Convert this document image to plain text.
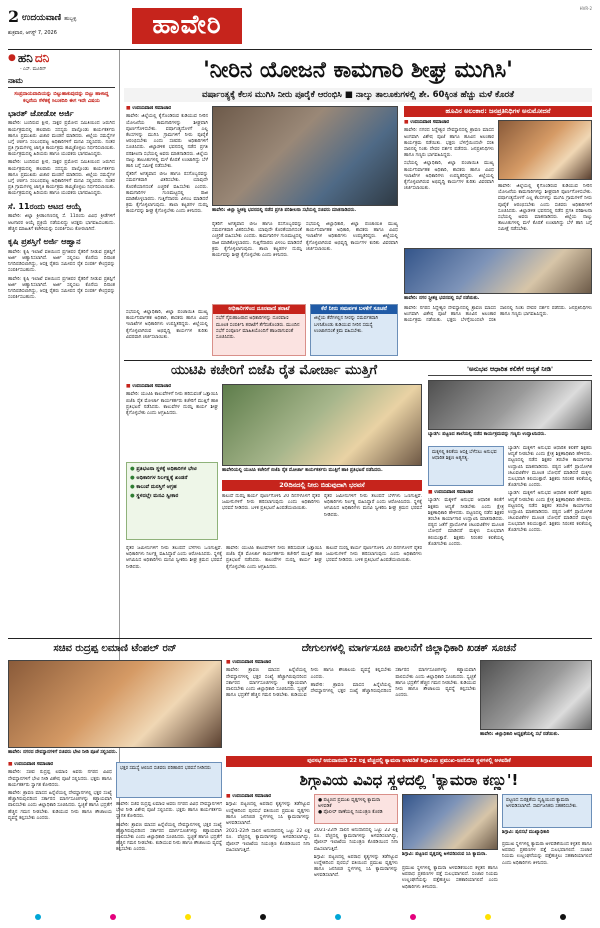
2 ಉದಯವಾಣಿ ಹುಬ್ಬಳ್ಳಿ
ಶುಕ್ರವಾರ, ಆಗಸ್ಟ್ 7, 2026	ಹಾವೇರಿ
HVR-2
● ಹನಿ ದನಿ
- ಎಸ್. ಮೂರಿನ್
ನಾಮ
ಸಂಪ್ರದಾಯವಾದಿಯನ್ನು ಬಿಟ್ಟುಹಾಕುವುದನ್ನು ಬಿಟ್ಟು ಹಾಳಾದ್ದ ಕಲ್ಪನೆಯ ಸೆಳೆತಕ್ಕೆ ಸಿಲುಕದಿರಿ ಈಗ ಇದೇ ವಿಷಯ
ಭಾರತ್ ಜೋಡೋ ಅರ್ಜಿ

ಹಾವೇರಿ: ಬಂದಿರುವ ಕ್ಷೀರ, ಸಾಕ್ಷರ ಪ್ರಮೋದ ಸಮಿತಿಯಿಂದ ಜರುಗಿದ ಕಾರ್ಯಕ್ರಮದಲ್ಲಿ ಹಲವಾರು ಸದಸ್ಯರು ಪಾಲ್ಗೊಂಡು ಕಾರ್ಯಕರ್ತರು ಹಾಗೂ ಪ್ರಮುಖರು ವಿಚಾರ ಮಂಡನೆ ಮಾಡಿದರು. ಜಿಲ್ಲೆಯ ಸಮಸ್ಯೆಗಳ ಬಗ್ಗೆ ಚರ್ಚಿಸಿ ಸಂಬಂಧಪಟ್ಟ ಅಧಿಕಾರಿಗಳಿಗೆ ಮನವಿ ಸಲ್ಲಿಸಿದರು. ನಂತರ ಪ್ರತಿ ಗ್ರಾಮಗಳಲ್ಲಿ ಜಾಗೃತಿ ಕಾರ್ಯಕ್ರಮ ಹಮ್ಮಿಕೊಳ್ಳಲು ನಿರ್ಧರಿಸಲಾಯಿತು. ಕಾರ್ಯಕ್ರಮದಲ್ಲಿ ಹಿರಿಯರು ಹಾಗೂ ಯುವಕರು ಭಾಗವಹಿಸಿದ್ದರು.

ಹಾವೇರಿ: ಬಂದಿರುವ ಕ್ಷೀರ, ಸಾಕ್ಷರ ಪ್ರಮೋದ ಸಮಿತಿಯಿಂದ ಜರುಗಿದ ಕಾರ್ಯಕ್ರಮದಲ್ಲಿ ಹಲವಾರು ಸದಸ್ಯರು ಪಾಲ್ಗೊಂಡು ಕಾರ್ಯಕರ್ತರು ಹಾಗೂ ಪ್ರಮುಖರು ವಿಚಾರ ಮಂಡನೆ ಮಾಡಿದರು. ಜಿಲ್ಲೆಯ ಸಮಸ್ಯೆಗಳ ಬಗ್ಗೆ ಚರ್ಚಿಸಿ ಸಂಬಂಧಪಟ್ಟ ಅಧಿಕಾರಿಗಳಿಗೆ ಮನವಿ ಸಲ್ಲಿಸಿದರು. ನಂತರ ಪ್ರತಿ ಗ್ರಾಮಗಳಲ್ಲಿ ಜಾಗೃತಿ ಕಾರ್ಯಕ್ರಮ ಹಮ್ಮಿಕೊಳ್ಳಲು ನಿರ್ಧರಿಸಲಾಯಿತು. ಕಾರ್ಯಕ್ರಮದಲ್ಲಿ ಹಿರಿಯರು ಹಾಗೂ ಯುವಕರು ಭಾಗವಹಿಸಿದ್ದರು.

ಸೆ. 11ರಂದು ಆಟದ ಆಯ್ಕೆ

ಹಾವೇರಿ: ಜಿಲ್ಲಾ ಕ್ರೀಡಾಂಗಣದಲ್ಲಿ ಸೆ. 11ರಂದು ವಿವಿಧ ಕ್ರೀಡೆಗಳಿಗೆ ಆಟಗಾರರ ಆಯ್ಕೆ ಪ್ರಕ್ರಿಯೆ ನಡೆಯಲಿದ್ದು ಆಸಕ್ತರು ಭಾಗವಹಿಸಬಹುದು. ಹೆಚ್ಚಿನ ಮಾಹಿತಿಗೆ ಕಚೇರಿಯನ್ನು ಸಂಪರ್ಕಿಸಲು ಕೋರಲಾಗಿದೆ.

ಕೃಷಿ ಪ್ರಶಸ್ತಿಗೆ ಅರ್ಜಿ ಆಹ್ವಾನ

ಹಾವೇರಿ: ಕೃಷಿ ಇಲಾಖೆ ವತಿಯಿಂದ ಪ್ರಗತಿಪರ ರೈತರಿಗೆ ನೀಡುವ ಪ್ರಶಸ್ತಿಗೆ ಅರ್ಜಿ ಆಹ್ವಾನಿಸಲಾಗಿದೆ. ಅರ್ಜಿ ಸಲ್ಲಿಸಲು ಕೊನೆಯ ದಿನಾಂಕ ನಿಗದಿಪಡಿಸಲಾಗಿದ್ದು, ಆಸಕ್ತ ರೈತರು ಸಮೀಪದ ರೈತ ಸಂಪರ್ಕ ಕೇಂದ್ರವನ್ನು ಸಂಪರ್ಕಿಸಬಹುದು.

ಹಾವೇರಿ: ಕೃಷಿ ಇಲಾಖೆ ವತಿಯಿಂದ ಪ್ರಗತಿಪರ ರೈತರಿಗೆ ನೀಡುವ ಪ್ರಶಸ್ತಿಗೆ ಅರ್ಜಿ ಆಹ್ವಾನಿಸಲಾಗಿದೆ. ಅರ್ಜಿ ಸಲ್ಲಿಸಲು ಕೊನೆಯ ದಿನಾಂಕ ನಿಗದಿಪಡಿಸಲಾಗಿದ್ದು, ಆಸಕ್ತ ರೈತರು ಸಮೀಪದ ರೈತ ಸಂಪರ್ಕ ಕೇಂದ್ರವನ್ನು ಸಂಪರ್ಕಿಸಬಹುದು.

'ನೀರಿನ ಯೋಜನೆ ಕಾಮಗಾರಿ ಶೀಘ್ರ ಮುಗಿಸಿ'
ವರ್ಷಾಂತ್ಯಕ್ಕೆ ಕೆಲಸ ಮುಗಿಸಿ ನೀರು ಪೂರೈಕೆ ಆರಂಭಿಸಿ ■ ನಾಲ್ಕು ತಾಲೂಕುಗಳಲ್ಲಿ ಶೇ. 60ಕ್ಕಿಂತ ಹೆಚ್ಚು ಮಳೆ ಕೊರತೆ
■ ಉದಯವಾಣಿ ಸಮಾಚಾರ

ಹಾವೇರಿ: ಜಿಲ್ಲೆಯಲ್ಲಿ ಕೈಗೊಂಡಿರುವ ಕುಡಿಯುವ ನೀರಿನ ಯೋಜನೆಯ ಕಾಮಗಾರಿಗಳನ್ನು ಶೀಘ್ರವಾಗಿ ಪೂರ್ಣಗೊಳಿಸಬೇಕು. ವರ್ಷಾಂತ್ಯದೊಳಗೆ ಎಲ್ಲ ಕೆಲಸಗಳನ್ನು ಮುಗಿಸಿ ಗ್ರಾಮಗಳಿಗೆ ನೀರು ಪೂರೈಕೆ ಆರಂಭಿಸಬೇಕು ಎಂದು ಸಚಿವರು ಅಧಿಕಾರಿಗಳಿಗೆ ಸೂಚಿಸಿದರು. ಜಿಲ್ಲಾಡಳಿತ ಭವನದಲ್ಲಿ ನಡೆದ ಪ್ರಗತಿ ಪರಿಶೀಲನಾ ಸಭೆಯಲ್ಲಿ ಅವರು ಮಾತನಾಡಿದರು. ಜಿಲ್ಲೆಯ ನಾಲ್ಕು ತಾಲೂಕುಗಳಲ್ಲಿ ಮಳೆ ಕೊರತೆ ಉಂಟಾಗಿದ್ದು ಬೆಳೆ ಹಾನಿ ಬಗ್ಗೆ ಸಮೀಕ್ಷೆ ನಡೆಸಬೇಕು.

ರೈತರಿಗೆ ಅಗತ್ಯವಾದ ಬೀಜ ಹಾಗೂ ರಸಗೊಬ್ಬರವನ್ನು ಸಮರ್ಪಕವಾಗಿ ವಿತರಿಸಬೇಕು. ಯಾವುದೇ ಕೊರತೆಯಾಗದಂತೆ ಎಚ್ಚರಿಕೆ ವಹಿಸಬೇಕು ಎಂದರು. ಕಾಮಗಾರಿಗಳ ಗುಣಮಟ್ಟದಲ್ಲಿ ರಾಜಿ ಮಾಡಿಕೊಳ್ಳಬಾರದು. ಗುತ್ತಿಗೆದಾರರು ವಿಳಂಬ ಮಾಡಿದರೆ ಕ್ರಮ ಕೈಗೊಳ್ಳಲಾಗುವುದು. ಶಾಲಾ ಕಟ್ಟಡಗಳ ದುರಸ್ತಿ ಕಾರ್ಯವನ್ನು ಶೀಘ್ರ ಕೈಗೊಳ್ಳಬೇಕು ಎಂದು ತಿಳಿಸಿದರು.	ಹಾವೇರಿ: ಜಿಲ್ಲಾ ಸ್ತ್ರೀಶಕ್ತಿ ಭವನದಲ್ಲಿ ನಡೆದ ಪ್ರಗತಿ ಪರಿಶೀಲನಾ ಸಭೆಯಲ್ಲಿ ಸಚಿವರು ಮಾತನಾಡಿದರು.

ರೈತರಿಗೆ ಅಗತ್ಯವಾದ ಬೀಜ ಹಾಗೂ ರಸಗೊಬ್ಬರವನ್ನು ಸಮರ್ಪಕವಾಗಿ ವಿತರಿಸಬೇಕು. ಯಾವುದೇ ಕೊರತೆಯಾಗದಂತೆ ಎಚ್ಚರಿಕೆ ವಹಿಸಬೇಕು ಎಂದರು. ಕಾಮಗಾರಿಗಳ ಗುಣಮಟ್ಟದಲ್ಲಿ ರಾಜಿ ಮಾಡಿಕೊಳ್ಳಬಾರದು. ಗುತ್ತಿಗೆದಾರರು ವಿಳಂಬ ಮಾಡಿದರೆ ಕ್ರಮ ಕೈಗೊಳ್ಳಲಾಗುವುದು. ಶಾಲಾ ಕಟ್ಟಡಗಳ ದುರಸ್ತಿ ಕಾರ್ಯವನ್ನು ಶೀಘ್ರ ಕೈಗೊಳ್ಳಬೇಕು ಎಂದು ತಿಳಿಸಿದರು.

ಸಭೆಯಲ್ಲಿ ಜಿಲ್ಲಾಧಿಕಾರಿ, ಜಿಲ್ಲಾ ಪಂಚಾಯಿತಿ ಮುಖ್ಯ ಕಾರ್ಯನಿರ್ವಾಹಕ ಅಧಿಕಾರಿ, ಶಾಸಕರು ಹಾಗೂ ವಿವಿಧ ಇಲಾಖೆಗಳ ಅಧಿಕಾರಿಗಳು ಉಪಸ್ಥಿತರಿದ್ದರು. ಜಿಲ್ಲೆಯಲ್ಲಿ ಕೈಗೊಳ್ಳಲಾಗಿರುವ ಅಭಿವೃದ್ಧಿ ಕಾರ್ಯಗಳ ಕುರಿತು ವಿವರವಾಗಿ ಚರ್ಚಿಸಲಾಯಿತು.

ಹೂವಿನ ಅಲಂಕಾರ: ಜನಪ್ರತಿನಿಧಿಗಳ ಅನುಮೋದನೆ
■ ಉದಯವಾಣಿ ಸಮಾಚಾರ

ಹಾವೇರಿ: ನಗರದ ಸಿದ್ದೇಶ್ವರ ದೇವಸ್ಥಾನದಲ್ಲಿ ಶ್ರಾವಣ ಮಾಸದ ಅಂಗವಾಗಿ ವಿಶೇಷ ಪೂಜೆ ಹಾಗೂ ಹೂವಿನ ಅಲಂಕಾರ ಕಾರ್ಯಕ್ರಮ ನಡೆಯಿತು. ಭಕ್ತರು ಬೆಳಗ್ಗೆಯಿಂದಲೇ ಸರತಿ ಸಾಲಿನಲ್ಲಿ ನಿಂತು ದೇವರ ದರ್ಶನ ಪಡೆದರು. ಜನಪ್ರತಿನಿಧಿಗಳು ಹಾಗೂ ಗಣ್ಯರು ಭಾಗವಹಿಸಿದ್ದರು.

ಸಭೆಯಲ್ಲಿ ಜಿಲ್ಲಾಧಿಕಾರಿ, ಜಿಲ್ಲಾ ಪಂಚಾಯಿತಿ ಮುಖ್ಯ ಕಾರ್ಯನಿರ್ವಾಹಕ ಅಧಿಕಾರಿ, ಶಾಸಕರು ಹಾಗೂ ವಿವಿಧ ಇಲಾಖೆಗಳ ಅಧಿಕಾರಿಗಳು ಉಪಸ್ಥಿತರಿದ್ದರು. ಜಿಲ್ಲೆಯಲ್ಲಿ ಕೈಗೊಳ್ಳಲಾಗಿರುವ ಅಭಿವೃದ್ಧಿ ಕಾರ್ಯಗಳ ಕುರಿತು ವಿವರವಾಗಿ ಚರ್ಚಿಸಲಾಯಿತು.	ಹಾವೇರಿ: ಜಿಲ್ಲೆಯಲ್ಲಿ ಕೈಗೊಂಡಿರುವ ಕುಡಿಯುವ ನೀರಿನ ಯೋಜನೆಯ ಕಾಮಗಾರಿಗಳನ್ನು ಶೀಘ್ರವಾಗಿ ಪೂರ್ಣಗೊಳಿಸಬೇಕು. ವರ್ಷಾಂತ್ಯದೊಳಗೆ ಎಲ್ಲ ಕೆಲಸಗಳನ್ನು ಮುಗಿಸಿ ಗ್ರಾಮಗಳಿಗೆ ನೀರು ಪೂರೈಕೆ ಆರಂಭಿಸಬೇಕು ಎಂದು ಸಚಿವರು ಅಧಿಕಾರಿಗಳಿಗೆ ಸೂಚಿಸಿದರು. ಜಿಲ್ಲಾಡಳಿತ ಭವನದಲ್ಲಿ ನಡೆದ ಪ್ರಗತಿ ಪರಿಶೀಲನಾ ಸಭೆಯಲ್ಲಿ ಅವರು ಮಾತನಾಡಿದರು. ಜಿಲ್ಲೆಯ ನಾಲ್ಕು ತಾಲೂಕುಗಳಲ್ಲಿ ಮಳೆ ಕೊರತೆ ಉಂಟಾಗಿದ್ದು ಬೆಳೆ ಹಾನಿ ಬಗ್ಗೆ ಸಮೀಕ್ಷೆ ನಡೆಸಬೇಕು.

ಹಾವೇರಿ: ನಗರ ಸ್ತ್ರೀಶಕ್ತಿ ಭವನದಲ್ಲಿ ಸಭೆ ನಡೆಯಿತು.
ಅಧಿಕಾರಿಗಳಿಂದ ದೂರವಾಣಿ ತರಾಟೆ
ಸಭೆಗೆ ಗೈರುಹಾಜರಾದ ಅಧಿಕಾರಿಗಳನ್ನು ದೂರವಾಣಿ ಮೂಲಕ ಸಂಪರ್ಕಿಸಿ ತರಾಟೆಗೆ ತೆಗೆದುಕೊಂಡರು. ಮುಂದಿನ ಸಭೆಗೆ ಸಂಪೂರ್ಣ ಮಾಹಿತಿಯೊಂದಿಗೆ ಹಾಜರಾಗುವಂತೆ ಸೂಚಿಸಿದರು.
ಕೆರೆ ನೀರು ಸಮರ್ಪಕ ಬಳಕೆಗೆ ಸೂಚನೆ
ಜಿಲ್ಲೆಯ ಕೆರೆಗಳಲ್ಲಿನ ನೀರನ್ನು ಸಮರ್ಪಕವಾಗಿ ಬಳಸಿಕೊಂಡು ಕುಡಿಯುವ ನೀರಿನ ಸಮಸ್ಯೆ ಉಂಟಾಗದಂತೆ ಕ್ರಮ ವಹಿಸಬೇಕು.

ಸಭೆಯಲ್ಲಿ ಜಿಲ್ಲಾಧಿಕಾರಿ, ಜಿಲ್ಲಾ ಪಂಚಾಯಿತಿ ಮುಖ್ಯ ಕಾರ್ಯನಿರ್ವಾಹಕ ಅಧಿಕಾರಿ, ಶಾಸಕರು ಹಾಗೂ ವಿವಿಧ ಇಲಾಖೆಗಳ ಅಧಿಕಾರಿಗಳು ಉಪಸ್ಥಿತರಿದ್ದರು. ಜಿಲ್ಲೆಯಲ್ಲಿ ಕೈಗೊಳ್ಳಲಾಗಿರುವ ಅಭಿವೃದ್ಧಿ ಕಾರ್ಯಗಳ ಕುರಿತು ವಿವರವಾಗಿ ಚರ್ಚಿಸಲಾಯಿತು.

ಹಾವೇರಿ: ನಗರದ ಸಿದ್ದೇಶ್ವರ ದೇವಸ್ಥಾನದಲ್ಲಿ ಶ್ರಾವಣ ಮಾಸದ ಅಂಗವಾಗಿ ವಿಶೇಷ ಪೂಜೆ ಹಾಗೂ ಹೂವಿನ ಅಲಂಕಾರ ಕಾರ್ಯಕ್ರಮ ನಡೆಯಿತು. ಭಕ್ತರು ಬೆಳಗ್ಗೆಯಿಂದಲೇ ಸರತಿ ಸಾಲಿನಲ್ಲಿ ನಿಂತು ದೇವರ ದರ್ಶನ ಪಡೆದರು. ಜನಪ್ರತಿನಿಧಿಗಳು ಹಾಗೂ ಗಣ್ಯರು ಭಾಗವಹಿಸಿದ್ದರು.

ಯುಟಿಪಿ ಕಚೇರಿಗೆ ಬಿಜೆಪಿ ರೈತ ಮೋರ್ಚಾ ಮುತ್ತಿಗೆ
■ ಉದಯವಾಣಿ ಸಮಾಚಾರ

ಹಾವೇರಿ: ಯುಟಿಪಿ ಕಾಲುವೆಗಳಿಗೆ ನೀರು ಹರಿಸುವಂತೆ ಒತ್ತಾಯಿಸಿ ಬಿಜೆಪಿ ರೈತ ಮೋರ್ಚಾ ಕಾರ್ಯಕರ್ತರು ಕಚೇರಿಗೆ ಮುತ್ತಿಗೆ ಹಾಕಿ ಪ್ರತಿಭಟನೆ ನಡೆಸಿದರು. ಕಾಲುವೆಗಳ ದುರಸ್ತಿ ಕಾರ್ಯ ಶೀಘ್ರ ಕೈಗೊಳ್ಳಬೇಕು ಎಂದು ಆಗ್ರಹಿಸಿದರು.

ಹಾವೇರಿಯಲ್ಲಿ ಯುಟಿಪಿ ಕಚೇರಿಗೆ ಬಿಜೆಪಿ ರೈತ ಮೋರ್ಚಾ ಕಾರ್ಯಕರ್ತರು ಮುತ್ತಿಗೆ ಹಾಕಿ ಪ್ರತಿಭಟನೆ ನಡೆಸಿದರು.
● ಪ್ರತಿಭಟನಾ ಸ್ಥಳಕ್ಕೆ ಅಧಿಕಾರಿಗಳ ಭೇಟಿ
● ಅಧಿಕಾರಿಗಳ ನಿರ್ಲಕ್ಷ್ಯಕ್ಕೆ ಖಂಡನೆ
● ಕಾಲುವೆ ದುರಸ್ತಿಗೆ ಆಗ್ರಹ
● ಸ್ಥಳದಲ್ಲೇ ಮನವಿ ಸ್ವೀಕಾರ
20ದಿನದಲ್ಲಿ ನೀರು ಬಿಡುವುದಾಗಿ ಭರವಸೆ

ಕಾಲುವೆ ದುರಸ್ತಿ ಕಾರ್ಯ ಪೂರ್ಣಗೊಳಿಸಿ 20 ದಿನಗಳೊಳಗೆ ರೈತರ ಜಮೀನುಗಳಿಗೆ ನೀರು ಹರಿಸಲಾಗುವುದು ಎಂದು ಅಧಿಕಾರಿಗಳು ಭರವಸೆ ನೀಡಿದರು. ಬಳಿಕ ಪ್ರತಿಭಟನೆ ಹಿಂಪಡೆಯಲಾಯಿತು.

ರೈತರ ಜಮೀನುಗಳಿಗೆ ನೀರು ತಲುಪದೆ ಬೆಳೆಗಳು ಒಣಗುತ್ತಿವೆ. ಅಧಿಕಾರಿಗಳು ನಿರ್ಲಕ್ಷ್ಯ ವಹಿಸಿದ್ದಾರೆ ಎಂದು ಆರೋಪಿಸಿದರು. ಸ್ಥಳಕ್ಕೆ ಆಗಮಿಸಿದ ಅಧಿಕಾರಿಗಳು ಮನವಿ ಸ್ವೀಕರಿಸಿ ಶೀಘ್ರ ಕ್ರಮದ ಭರವಸೆ ನೀಡಿದರು.

ರೈತರ ಜಮೀನುಗಳಿಗೆ ನೀರು ತಲುಪದೆ ಬೆಳೆಗಳು ಒಣಗುತ್ತಿವೆ. ಅಧಿಕಾರಿಗಳು ನಿರ್ಲಕ್ಷ್ಯ ವಹಿಸಿದ್ದಾರೆ ಎಂದು ಆರೋಪಿಸಿದರು. ಸ್ಥಳಕ್ಕೆ ಆಗಮಿಸಿದ ಅಧಿಕಾರಿಗಳು ಮನವಿ ಸ್ವೀಕರಿಸಿ ಶೀಘ್ರ ಕ್ರಮದ ಭರವಸೆ ನೀಡಿದರು.

ಹಾವೇರಿ: ಯುಟಿಪಿ ಕಾಲುವೆಗಳಿಗೆ ನೀರು ಹರಿಸುವಂತೆ ಒತ್ತಾಯಿಸಿ ಬಿಜೆಪಿ ರೈತ ಮೋರ್ಚಾ ಕಾರ್ಯಕರ್ತರು ಕಚೇರಿಗೆ ಮುತ್ತಿಗೆ ಹಾಕಿ ಪ್ರತಿಭಟನೆ ನಡೆಸಿದರು. ಕಾಲುವೆಗಳ ದುರಸ್ತಿ ಕಾರ್ಯ ಶೀಘ್ರ ಕೈಗೊಳ್ಳಬೇಕು ಎಂದು ಆಗ್ರಹಿಸಿದರು.

ಕಾಲುವೆ ದುರಸ್ತಿ ಕಾರ್ಯ ಪೂರ್ಣಗೊಳಿಸಿ 20 ದಿನಗಳೊಳಗೆ ರೈತರ ಜಮೀನುಗಳಿಗೆ ನೀರು ಹರಿಸಲಾಗುವುದು ಎಂದು ಅಧಿಕಾರಿಗಳು ಭರವಸೆ ನೀಡಿದರು. ಬಳಿಕ ಪ್ರತಿಭಟನೆ ಹಿಂಪಡೆಯಲಾಯಿತು.

'ಅನುಭವ ಆಧಾರಿತ ಕಲಿಕೆಗೆ ಆದ್ಯತೆ ನೀಡಿ'
ಬ್ಯಾಡಗಿ: ಪಟ್ಟಣದ ಶಾಲೆಯಲ್ಲಿ ನಡೆದ ಕಾರ್ಯಕ್ರಮವನ್ನು ಗಣ್ಯರು ಉದ್ಘಾಟಿಸಿದರು.
ಮಕ್ಕಳಲ್ಲಿ ಕಲಿಕೆಯ ಆಸಕ್ತಿ ಬೆಳೆಸಲು ಅನುಭವ ಆಧಾರಿತ ಶಿಕ್ಷಣ ಅತ್ಯಗತ್ಯ.

ಬ್ಯಾಡಗಿ: ಮಕ್ಕಳಿಗೆ ಅನುಭವ ಆಧಾರಿತ ಕಲಿಕೆಗೆ ಶಿಕ್ಷಕರು ಆದ್ಯತೆ ನೀಡಬೇಕು ಎಂದು ಕ್ಷೇತ್ರ ಶಿಕ್ಷಣಾಧಿಕಾರಿ ಹೇಳಿದರು. ಪಟ್ಟಣದಲ್ಲಿ ನಡೆದ ಶಿಕ್ಷಕರ ತರಬೇತಿ ಕಾರ್ಯಾಗಾರ ಉದ್ಘಾಟಿಸಿ ಮಾತನಾಡಿದರು. ಪಠ್ಯದ ಜತೆಗೆ ಪ್ರಾಯೋಗಿಕ ಚಟುವಟಿಕೆಗಳ ಮೂಲಕ ಬೋಧನೆ ಮಾಡಿದರೆ ಮಕ್ಕಳು ಸುಲಭವಾಗಿ ಕಲಿಯುತ್ತಾರೆ. ಶಿಕ್ಷಕರು ನಿರಂತರ ಕಲಿಕೆಯಲ್ಲಿ ತೊಡಗಬೇಕು ಎಂದರು.

ಬ್ಯಾಡಗಿ: ಮಕ್ಕಳಿಗೆ ಅನುಭವ ಆಧಾರಿತ ಕಲಿಕೆಗೆ ಶಿಕ್ಷಕರು ಆದ್ಯತೆ ನೀಡಬೇಕು ಎಂದು ಕ್ಷೇತ್ರ ಶಿಕ್ಷಣಾಧಿಕಾರಿ ಹೇಳಿದರು. ಪಟ್ಟಣದಲ್ಲಿ ನಡೆದ ಶಿಕ್ಷಕರ ತರಬೇತಿ ಕಾರ್ಯಾಗಾರ ಉದ್ಘಾಟಿಸಿ ಮಾತನಾಡಿದರು. ಪಠ್ಯದ ಜತೆಗೆ ಪ್ರಾಯೋಗಿಕ ಚಟುವಟಿಕೆಗಳ ಮೂಲಕ ಬೋಧನೆ ಮಾಡಿದರೆ ಮಕ್ಕಳು ಸುಲಭವಾಗಿ ಕಲಿಯುತ್ತಾರೆ. ಶಿಕ್ಷಕರು ನಿರಂತರ ಕಲಿಕೆಯಲ್ಲಿ ತೊಡಗಬೇಕು ಎಂದರು.

■ ಉದಯವಾಣಿ ಸಮಾಚಾರ

ಬ್ಯಾಡಗಿ: ಮಕ್ಕಳಿಗೆ ಅನುಭವ ಆಧಾರಿತ ಕಲಿಕೆಗೆ ಶಿಕ್ಷಕರು ಆದ್ಯತೆ ನೀಡಬೇಕು ಎಂದು ಕ್ಷೇತ್ರ ಶಿಕ್ಷಣಾಧಿಕಾರಿ ಹೇಳಿದರು. ಪಟ್ಟಣದಲ್ಲಿ ನಡೆದ ಶಿಕ್ಷಕರ ತರಬೇತಿ ಕಾರ್ಯಾಗಾರ ಉದ್ಘಾಟಿಸಿ ಮಾತನಾಡಿದರು. ಪಠ್ಯದ ಜತೆಗೆ ಪ್ರಾಯೋಗಿಕ ಚಟುವಟಿಕೆಗಳ ಮೂಲಕ ಬೋಧನೆ ಮಾಡಿದರೆ ಮಕ್ಕಳು ಸುಲಭವಾಗಿ ಕಲಿಯುತ್ತಾರೆ. ಶಿಕ್ಷಕರು ನಿರಂತರ ಕಲಿಕೆಯಲ್ಲಿ ತೊಡಗಬೇಕು ಎಂದರು.

ಸಚಿವ ರುದ್ರಪ್ಪ ಲಮಾಣಿ ಟೆಂಪಲ್ ರನ್
ಹಾವೇರಿ: ನಗರದ ದೇವಸ್ಥಾನಗಳಿಗೆ ಸಚಿವರು ಭೇಟಿ ನೀಡಿ ಪೂಜೆ ಸಲ್ಲಿಸಿದರು.
■ ಉದಯವಾಣಿ ಸಮಾಚಾರ

ಹಾವೇರಿ: ಸಚಿವ ರುದ್ರಪ್ಪ ಲಮಾಣಿ ಅವರು ನಗರದ ವಿವಿಧ ದೇವಸ್ಥಾನಗಳಿಗೆ ಭೇಟಿ ನೀಡಿ ವಿಶೇಷ ಪೂಜೆ ಸಲ್ಲಿಸಿದರು. ಭಕ್ತರು ಹಾಗೂ ಕಾರ್ಯಕರ್ತರು ಸ್ವಾಗತ ಕೋರಿದರು.

ಹಾವೇರಿ: ಶ್ರಾವಣ ಮಾಸದ ಹಿನ್ನೆಲೆಯಲ್ಲಿ ದೇವಸ್ಥಾನಗಳಲ್ಲಿ ಭಕ್ತರ ಸಂಖ್ಯೆ ಹೆಚ್ಚಾಗಿರುವುದರಿಂದ ಸರ್ಕಾರದ ಮಾರ್ಗಸೂಚಿಗಳನ್ನು ಕಡ್ಡಾಯವಾಗಿ ಪಾಲಿಸಬೇಕು ಎಂದು ಜಿಲ್ಲಾಧಿಕಾರಿ ಸೂಚಿಸಿದರು. ಸ್ವಚ್ಛತೆ ಹಾಗೂ ಭದ್ರತೆಗೆ ಹೆಚ್ಚಿನ ಗಮನ ನೀಡಬೇಕು. ಕುಡಿಯುವ ನೀರು ಹಾಗೂ ಶೌಚಾಲಯ ವ್ಯವಸ್ಥೆ ಕಲ್ಪಿಸಬೇಕು ಎಂದರು.

ಭಕ್ತರ ಸಮಸ್ಯೆ ಆಲಿಸಿದ ಸಚಿವರು ಪರಿಹಾರದ ಭರವಸೆ ನೀಡಿದರು

ಹಾವೇರಿ: ಸಚಿವ ರುದ್ರಪ್ಪ ಲಮಾಣಿ ಅವರು ನಗರದ ವಿವಿಧ ದೇವಸ್ಥಾನಗಳಿಗೆ ಭೇಟಿ ನೀಡಿ ವಿಶೇಷ ಪೂಜೆ ಸಲ್ಲಿಸಿದರು. ಭಕ್ತರು ಹಾಗೂ ಕಾರ್ಯಕರ್ತರು ಸ್ವಾಗತ ಕೋರಿದರು.

ಹಾವೇರಿ: ಶ್ರಾವಣ ಮಾಸದ ಹಿನ್ನೆಲೆಯಲ್ಲಿ ದೇವಸ್ಥಾನಗಳಲ್ಲಿ ಭಕ್ತರ ಸಂಖ್ಯೆ ಹೆಚ್ಚಾಗಿರುವುದರಿಂದ ಸರ್ಕಾರದ ಮಾರ್ಗಸೂಚಿಗಳನ್ನು ಕಡ್ಡಾಯವಾಗಿ ಪಾಲಿಸಬೇಕು ಎಂದು ಜಿಲ್ಲಾಧಿಕಾರಿ ಸೂಚಿಸಿದರು. ಸ್ವಚ್ಛತೆ ಹಾಗೂ ಭದ್ರತೆಗೆ ಹೆಚ್ಚಿನ ಗಮನ ನೀಡಬೇಕು. ಕುಡಿಯುವ ನೀರು ಹಾಗೂ ಶೌಚಾಲಯ ವ್ಯವಸ್ಥೆ ಕಲ್ಪಿಸಬೇಕು ಎಂದರು.

ದೇಗುಲಗಳಲ್ಲಿ ಮಾರ್ಗಸೂಚಿ ಪಾಲನೆಗೆ ಜಿಲ್ಲಾಧಿಕಾರಿ ಖಡಕ್ ಸೂಚನೆ
■ ಉದಯವಾಣಿ ಸಮಾಚಾರ

ಹಾವೇರಿ: ಶ್ರಾವಣ ಮಾಸದ ಹಿನ್ನೆಲೆಯಲ್ಲಿ ದೇವಸ್ಥಾನಗಳಲ್ಲಿ ಭಕ್ತರ ಸಂಖ್ಯೆ ಹೆಚ್ಚಾಗಿರುವುದರಿಂದ ಸರ್ಕಾರದ ಮಾರ್ಗಸೂಚಿಗಳನ್ನು ಕಡ್ಡಾಯವಾಗಿ ಪಾಲಿಸಬೇಕು ಎಂದು ಜಿಲ್ಲಾಧಿಕಾರಿ ಸೂಚಿಸಿದರು. ಸ್ವಚ್ಛತೆ ಹಾಗೂ ಭದ್ರತೆಗೆ ಹೆಚ್ಚಿನ ಗಮನ ನೀಡಬೇಕು. ಕುಡಿಯುವ ನೀರು ಹಾಗೂ ಶೌಚಾಲಯ ವ್ಯವಸ್ಥೆ ಕಲ್ಪಿಸಬೇಕು ಎಂದರು.

ಹಾವೇರಿ: ಶ್ರಾವಣ ಮಾಸದ ಹಿನ್ನೆಲೆಯಲ್ಲಿ ದೇವಸ್ಥಾನಗಳಲ್ಲಿ ಭಕ್ತರ ಸಂಖ್ಯೆ ಹೆಚ್ಚಾಗಿರುವುದರಿಂದ ಸರ್ಕಾರದ ಮಾರ್ಗಸೂಚಿಗಳನ್ನು ಕಡ್ಡಾಯವಾಗಿ ಪಾಲಿಸಬೇಕು ಎಂದು ಜಿಲ್ಲಾಧಿಕಾರಿ ಸೂಚಿಸಿದರು. ಸ್ವಚ್ಛತೆ ಹಾಗೂ ಭದ್ರತೆಗೆ ಹೆಚ್ಚಿನ ಗಮನ ನೀಡಬೇಕು. ಕುಡಿಯುವ ನೀರು ಹಾಗೂ ಶೌಚಾಲಯ ವ್ಯವಸ್ಥೆ ಕಲ್ಪಿಸಬೇಕು ಎಂದರು.

ಹಾವೇರಿ: ಜಿಲ್ಲಾಧಿಕಾರಿ ಅಧ್ಯಕ್ಷತೆಯಲ್ಲಿ ಸಭೆ ನಡೆಯಿತು.
ಪುರಸಭೆ ಅನುದಾನದಡಿ 22 ಲಕ್ಷ ವೆಚ್ಚದಲ್ಲಿ ಕ್ಯಾಮರಾ ಅಳವಡಿಕೆ ಶಿಗ್ಗಾವಿಯ ಪ್ರಮುಖ-ಜನನಿಬಿಡ ಸ್ಥಳಗಳಲ್ಲಿ ಅಳವಡಿಕೆ
ಶಿಗ್ಗಾವಿಯ ವಿವಿಧ ಸ್ಥಳದಲ್ಲಿ 'ಕ್ಯಾಮರಾ ಕಣ್ಣು'!
■ ಉದಯವಾಣಿ ಸಮಾಚಾರ

ಶಿಗ್ಗಾವಿ: ಪಟ್ಟಣದಲ್ಲಿ ಅಪರಾಧ ಕೃತ್ಯಗಳನ್ನು ತಡೆಗಟ್ಟುವ ಉದ್ದೇಶದಿಂದ ಪುರಸಭೆ ವತಿಯಿಂದ ಪ್ರಮುಖ ವೃತ್ತಗಳು ಹಾಗೂ ಜನನಿಬಿಡ ಸ್ಥಳಗಳಲ್ಲಿ ಸಿಸಿ ಕ್ಯಾಮರಾಗಳನ್ನು ಅಳವಡಿಸಲಾಗಿದೆ.

2021-22ನೇ ಸಾಲಿನ ಅನುದಾನದಲ್ಲಿ ಒಟ್ಟು 22 ಲಕ್ಷ ರೂ. ವೆಚ್ಚದಲ್ಲಿ ಕ್ಯಾಮರಾಗಳನ್ನು ಅಳವಡಿಸಲಾಗಿದ್ದು, ಪೊಲೀಸ್ ಇಲಾಖೆಯ ನಿಯಂತ್ರಣ ಕೊಠಡಿಯಿಂದ ನಿಗಾ ವಹಿಸಲಾಗುತ್ತಿದೆ.

● ಪಟ್ಟಣದ ಪ್ರಮುಖ ವೃತ್ತಗಳಲ್ಲಿ ಕ್ಯಾಮರಾ ಅಳವಡಿಕೆ
● ಪೊಲೀಸ್ ಠಾಣೆಯಲ್ಲಿ ನಿಯಂತ್ರಣ ಕೊಠಡಿ

2021-22ನೇ ಸಾಲಿನ ಅನುದಾನದಲ್ಲಿ ಒಟ್ಟು 22 ಲಕ್ಷ ರೂ. ವೆಚ್ಚದಲ್ಲಿ ಕ್ಯಾಮರಾಗಳನ್ನು ಅಳವಡಿಸಲಾಗಿದ್ದು, ಪೊಲೀಸ್ ಇಲಾಖೆಯ ನಿಯಂತ್ರಣ ಕೊಠಡಿಯಿಂದ ನಿಗಾ ವಹಿಸಲಾಗುತ್ತಿದೆ.

ಶಿಗ್ಗಾವಿ: ಪಟ್ಟಣದಲ್ಲಿ ಅಪರಾಧ ಕೃತ್ಯಗಳನ್ನು ತಡೆಗಟ್ಟುವ ಉದ್ದೇಶದಿಂದ ಪುರಸಭೆ ವತಿಯಿಂದ ಪ್ರಮುಖ ವೃತ್ತಗಳು ಹಾಗೂ ಜನನಿಬಿಡ ಸ್ಥಳಗಳಲ್ಲಿ ಸಿಸಿ ಕ್ಯಾಮರಾಗಳನ್ನು ಅಳವಡಿಸಲಾಗಿದೆ.

ಶಿಗ್ಗಾವಿ: ಪಟ್ಟಣದ ವೃತ್ತದಲ್ಲಿ ಅಳವಡಿಸಿರುವ ಸಿಸಿ ಕ್ಯಾಮರಾ.

ಪ್ರಮುಖ ಸ್ಥಳಗಳಲ್ಲಿ ಕ್ಯಾಮರಾ ಅಳವಡಿಕೆಯಿಂದ ಕಳ್ಳತನ ಹಾಗೂ ಅಪರಾಧ ಪ್ರಕರಣಗಳ ಪತ್ತೆ ಸುಲಭವಾಗಲಿದೆ. ಸಂಚಾರ ನಿಯಮ ಉಲ್ಲಂಘನೆಯನ್ನು ಪತ್ತೆಹಚ್ಚಲು ಸಹಕಾರಿಯಾಗಲಿದೆ ಎಂದು ಅಧಿಕಾರಿಗಳು ತಿಳಿಸಿದರು.

ಪಟ್ಟಣದ ಸುರಕ್ಷತೆಯ ದೃಷ್ಟಿಯಿಂದ ಕ್ಯಾಮರಾ ಅಳವಡಿಸಲಾಗಿದೆ. ಸಾರ್ವಜನಿಕರು ಸಹಕರಿಸಬೇಕು.
ಶಿಗ್ಗಾವಿ: ಪುರಸಭೆ ಮುಖ್ಯಾಧಿಕಾರಿ

ಪ್ರಮುಖ ಸ್ಥಳಗಳಲ್ಲಿ ಕ್ಯಾಮರಾ ಅಳವಡಿಕೆಯಿಂದ ಕಳ್ಳತನ ಹಾಗೂ ಅಪರಾಧ ಪ್ರಕರಣಗಳ ಪತ್ತೆ ಸುಲಭವಾಗಲಿದೆ. ಸಂಚಾರ ನಿಯಮ ಉಲ್ಲಂಘನೆಯನ್ನು ಪತ್ತೆಹಚ್ಚಲು ಸಹಕಾರಿಯಾಗಲಿದೆ ಎಂದು ಅಧಿಕಾರಿಗಳು ತಿಳಿಸಿದರು.
